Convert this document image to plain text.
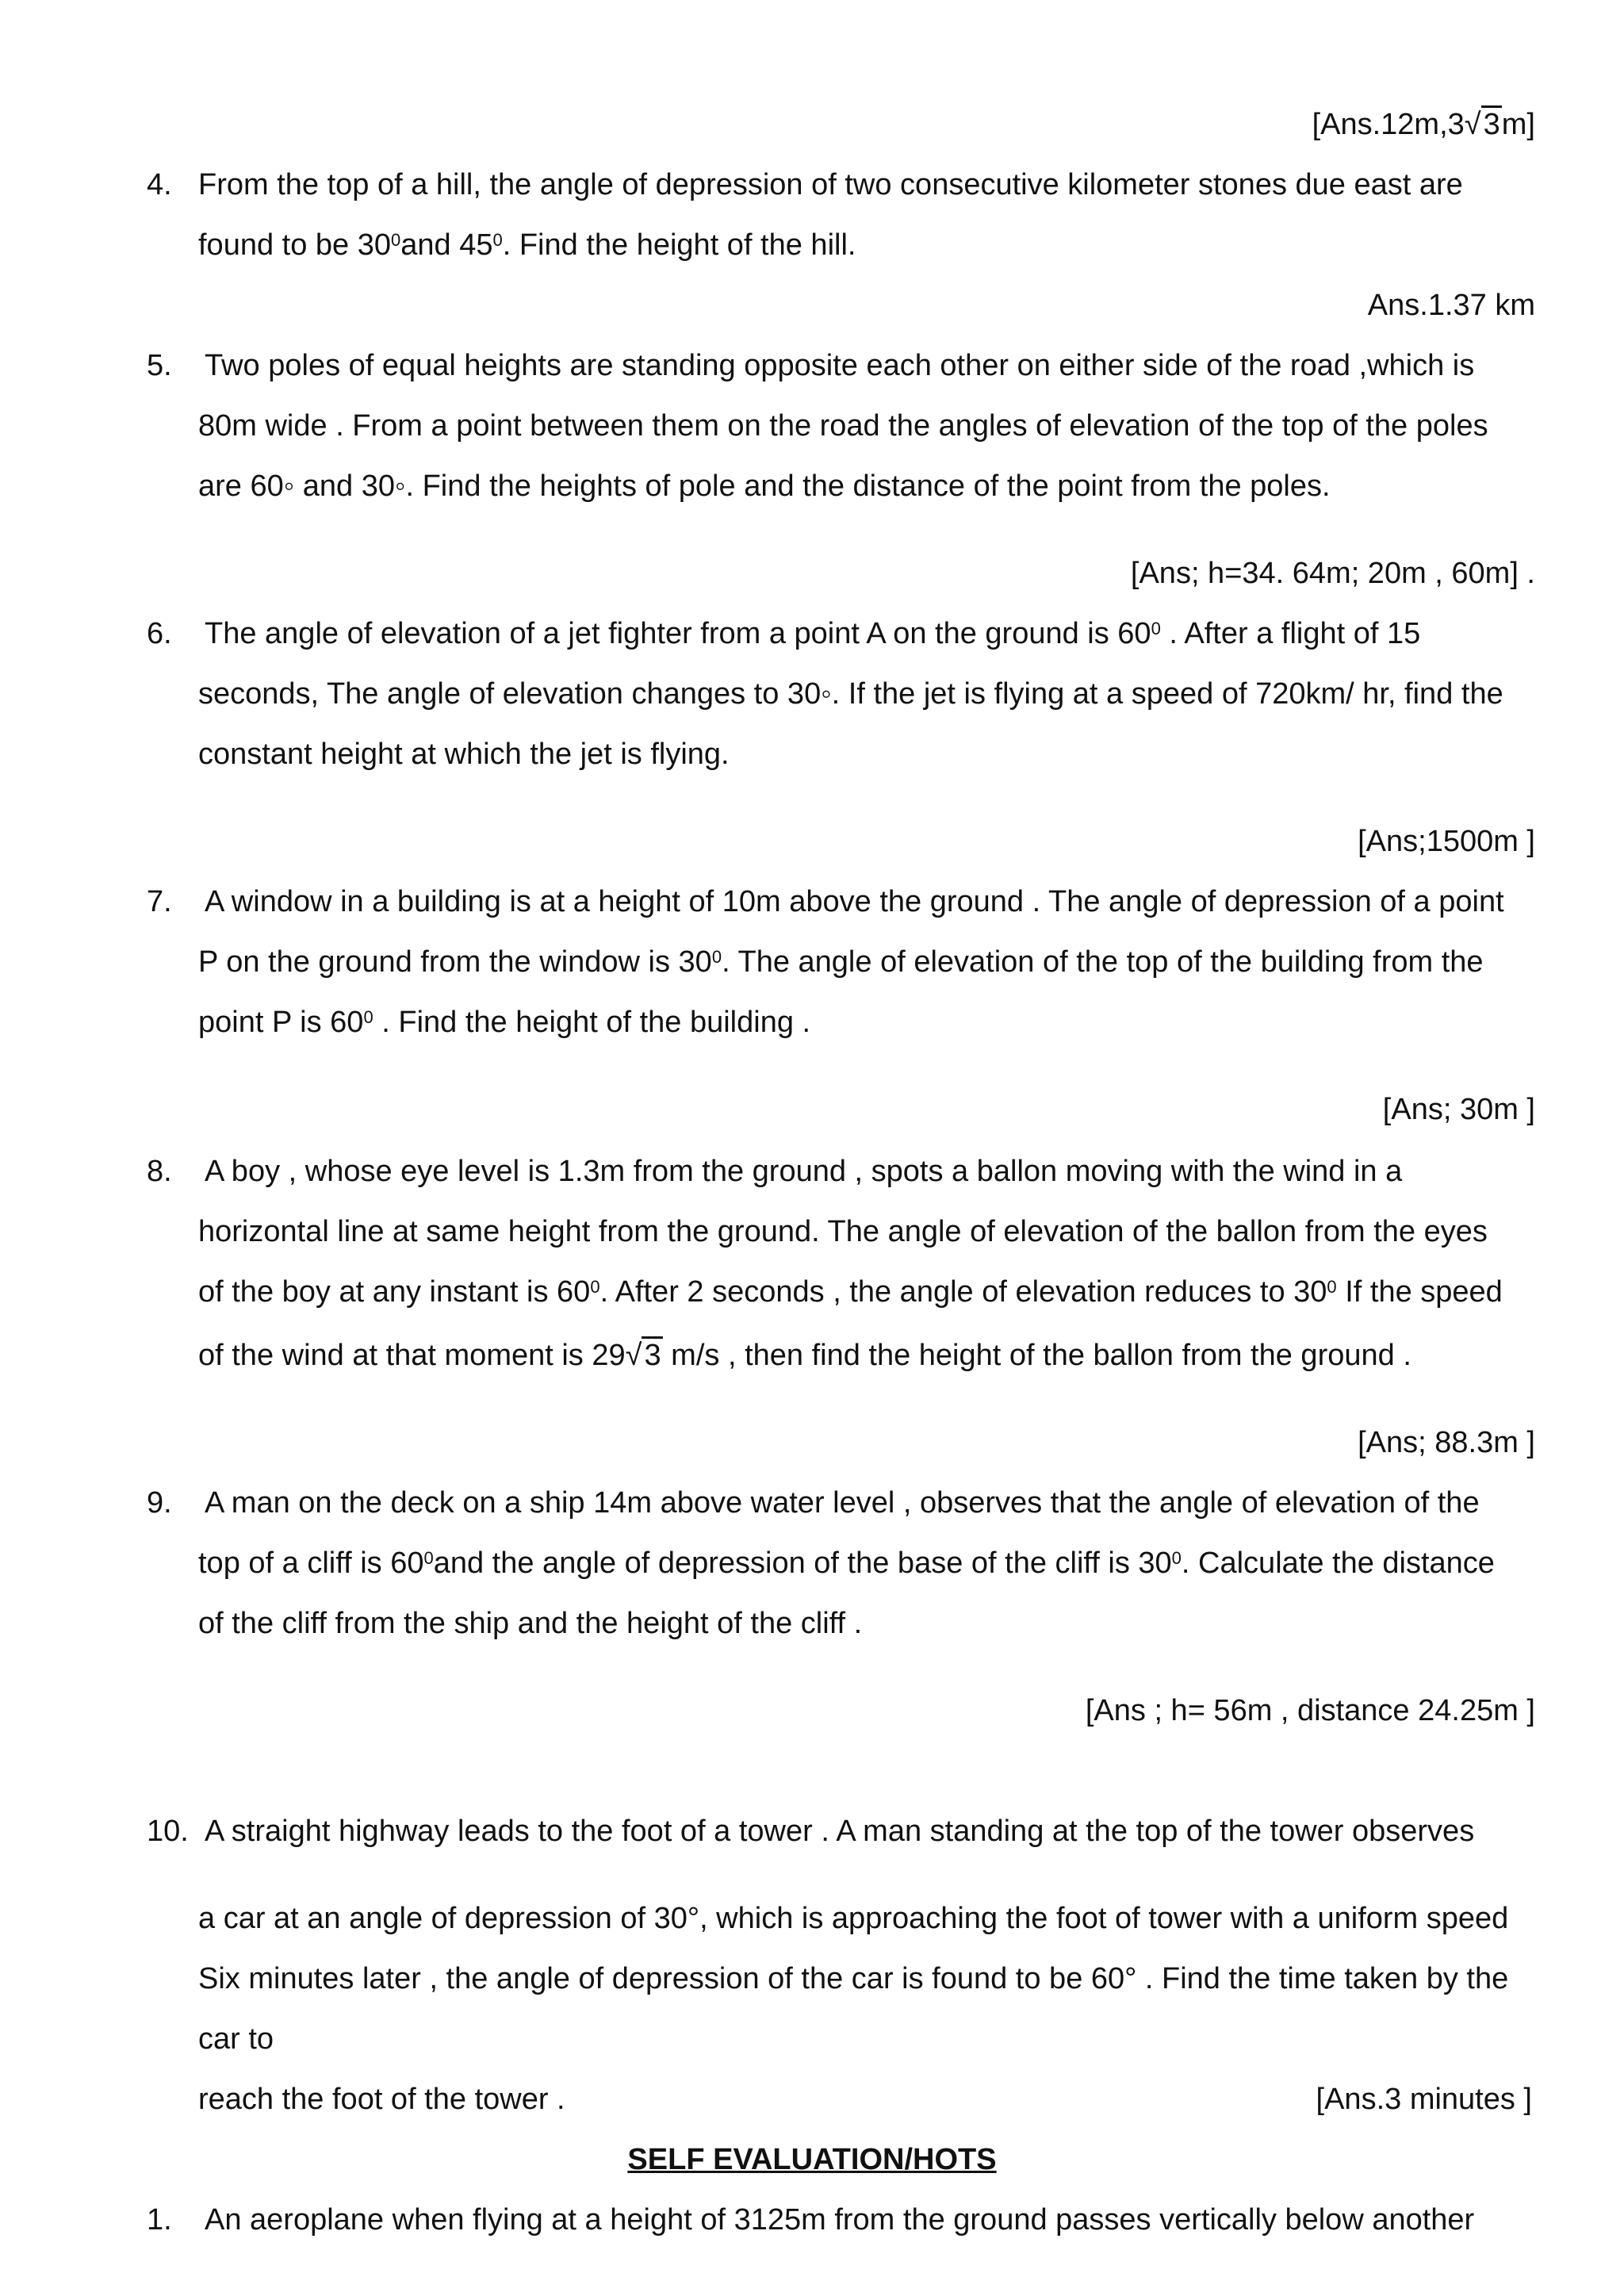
[Ans.12m,3√3m]
4. From the top of a hill, the angle of depression of two consecutive kilometer stones due east are
found to be $30^0and$ $45^0$. Find the height of the hill.
Ans.1.37 km
5. Two poles of equal heights are standing opposite each other on either side of the road ,which is
80m wide . From a point between them on the road the angles of elevation of the top of the poles
are 60◦ and 30◦. Find the heights of pole and the distance of the point from the poles.
[Ans; h=34. 64m; 20m , 60m] .
6. The angle of elevation of a jet fighter from a point A on the ground is $60^0$ . After a flight of 15
seconds, The angle of elevation changes to 30◦. If the jet is flying at a speed of 720km/ hr, find the
constant height at which the jet is flying.
[Ans;1500m ]
7. A window in a building is at a height of 10m above the ground . The angle of depression of a point
P on the ground from the window is $30^0$. The angle of elevation of the top of the building from the
point P is $60^0$ . Find the height of the building .
[Ans; 30m ]
8. A boy , whose eye level is 1.3m from the ground , spots a ballon moving with the wind in a
horizontal line at same height from the ground. The angle of elevation of the ballon from the eyes
of the boy at any instant is $60^0$. After 2 seconds , the angle of elevation reduces to $30^0$ If the speed
of the wind at that moment is 29√3 m/s , then find the height of the ballon from the ground .
[Ans; 88.3m ]
9. A man on the deck on a ship 14m above water level , observes that the angle of elevation of the
top of a cliff is $60^0and$ the angle of depression of the base of the cliff is $30^0$. Calculate the distance
of the cliff from the ship and the height of the cliff .
[Ans ; h= 56m , distance 24.25m ]
10. A straight highway leads to the foot of a tower . A man standing at the top of the tower observes
a car at an angle of depression of 30°, which is approaching the foot of tower with a uniform speed
Six minutes later , the angle of depression of the car is found to be 60° . Find the time taken by the
car to
reach the foot of the tower .	[Ans.3 minutes ]
SELF EVALUATION/HOTS
1. An aeroplane when flying at a height of 3125m from the ground passes vertically below another
